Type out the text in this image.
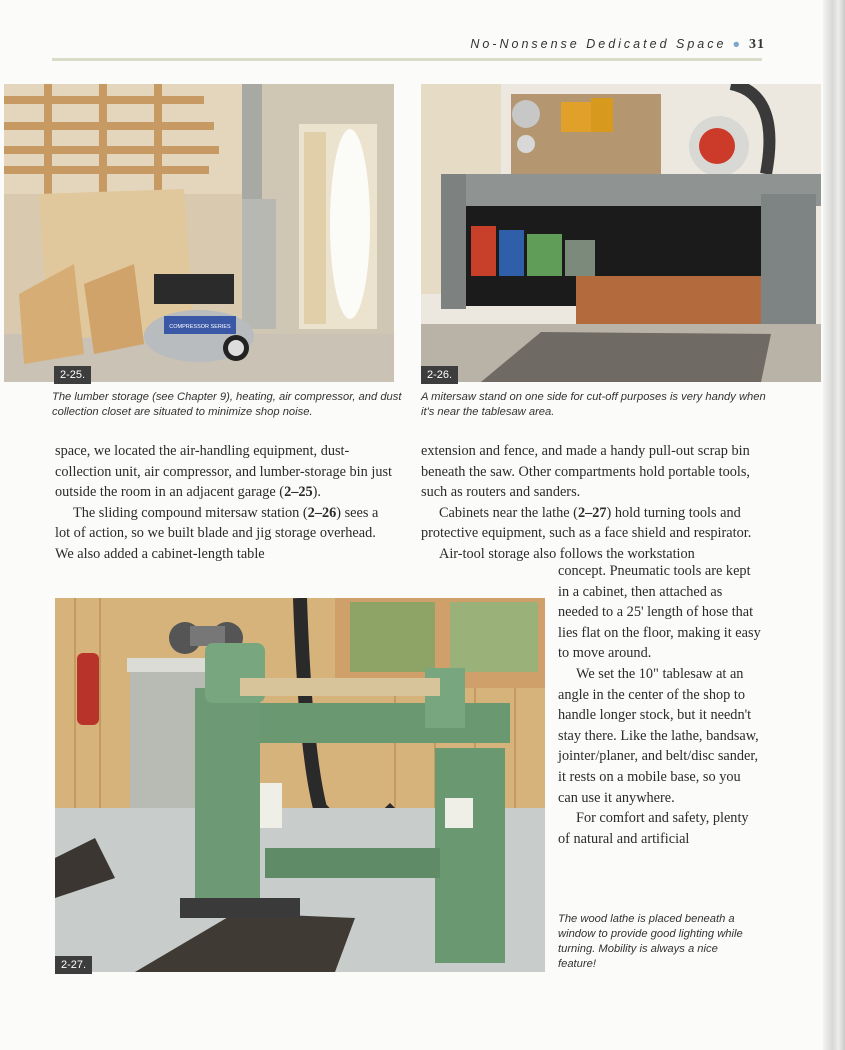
No-Nonsense Dedicated Space ● 31
COMPRESSOR SERIES
2-25.
The lumber storage (see Chapter 9), heating, air compressor, and dust collection closet are situated to minimize shop noise.
2-26.
A mitersaw stand on one side for cut-off purposes is very handy when it's near the tablesaw area.

space, we located the air-handling equipment, dust-collection unit, air compressor, and lumber-storage bin just outside the room in an adjacent garage (2–25).

The sliding compound mitersaw station (2–26) sees a lot of action, so we built blade and jig storage overhead. We also added a cabinet-length table

extension and fence, and made a handy pull-out scrap bin beneath the saw. Other compartments hold portable tools, such as routers and sanders.

Cabinets near the lathe (2–27) hold turning tools and protective equipment, such as a face shield and respirator.

Air-tool storage also follows the workstation

2-27.

concept. Pneumatic tools are kept in a cabinet, then attached as needed to a 25' length of hose that lies flat on the floor, making it easy to move around.

We set the 10" tablesaw at an angle in the center of the shop to handle longer stock, but it needn't stay there. Like the lathe, bandsaw, jointer/planer, and belt/disc sander, it rests on a mobile base, so you can use it anywhere.

For comfort and safety, plenty of natural and artificial

The wood lathe is placed beneath a window to provide good lighting while turning. Mobility is always a nice feature!
